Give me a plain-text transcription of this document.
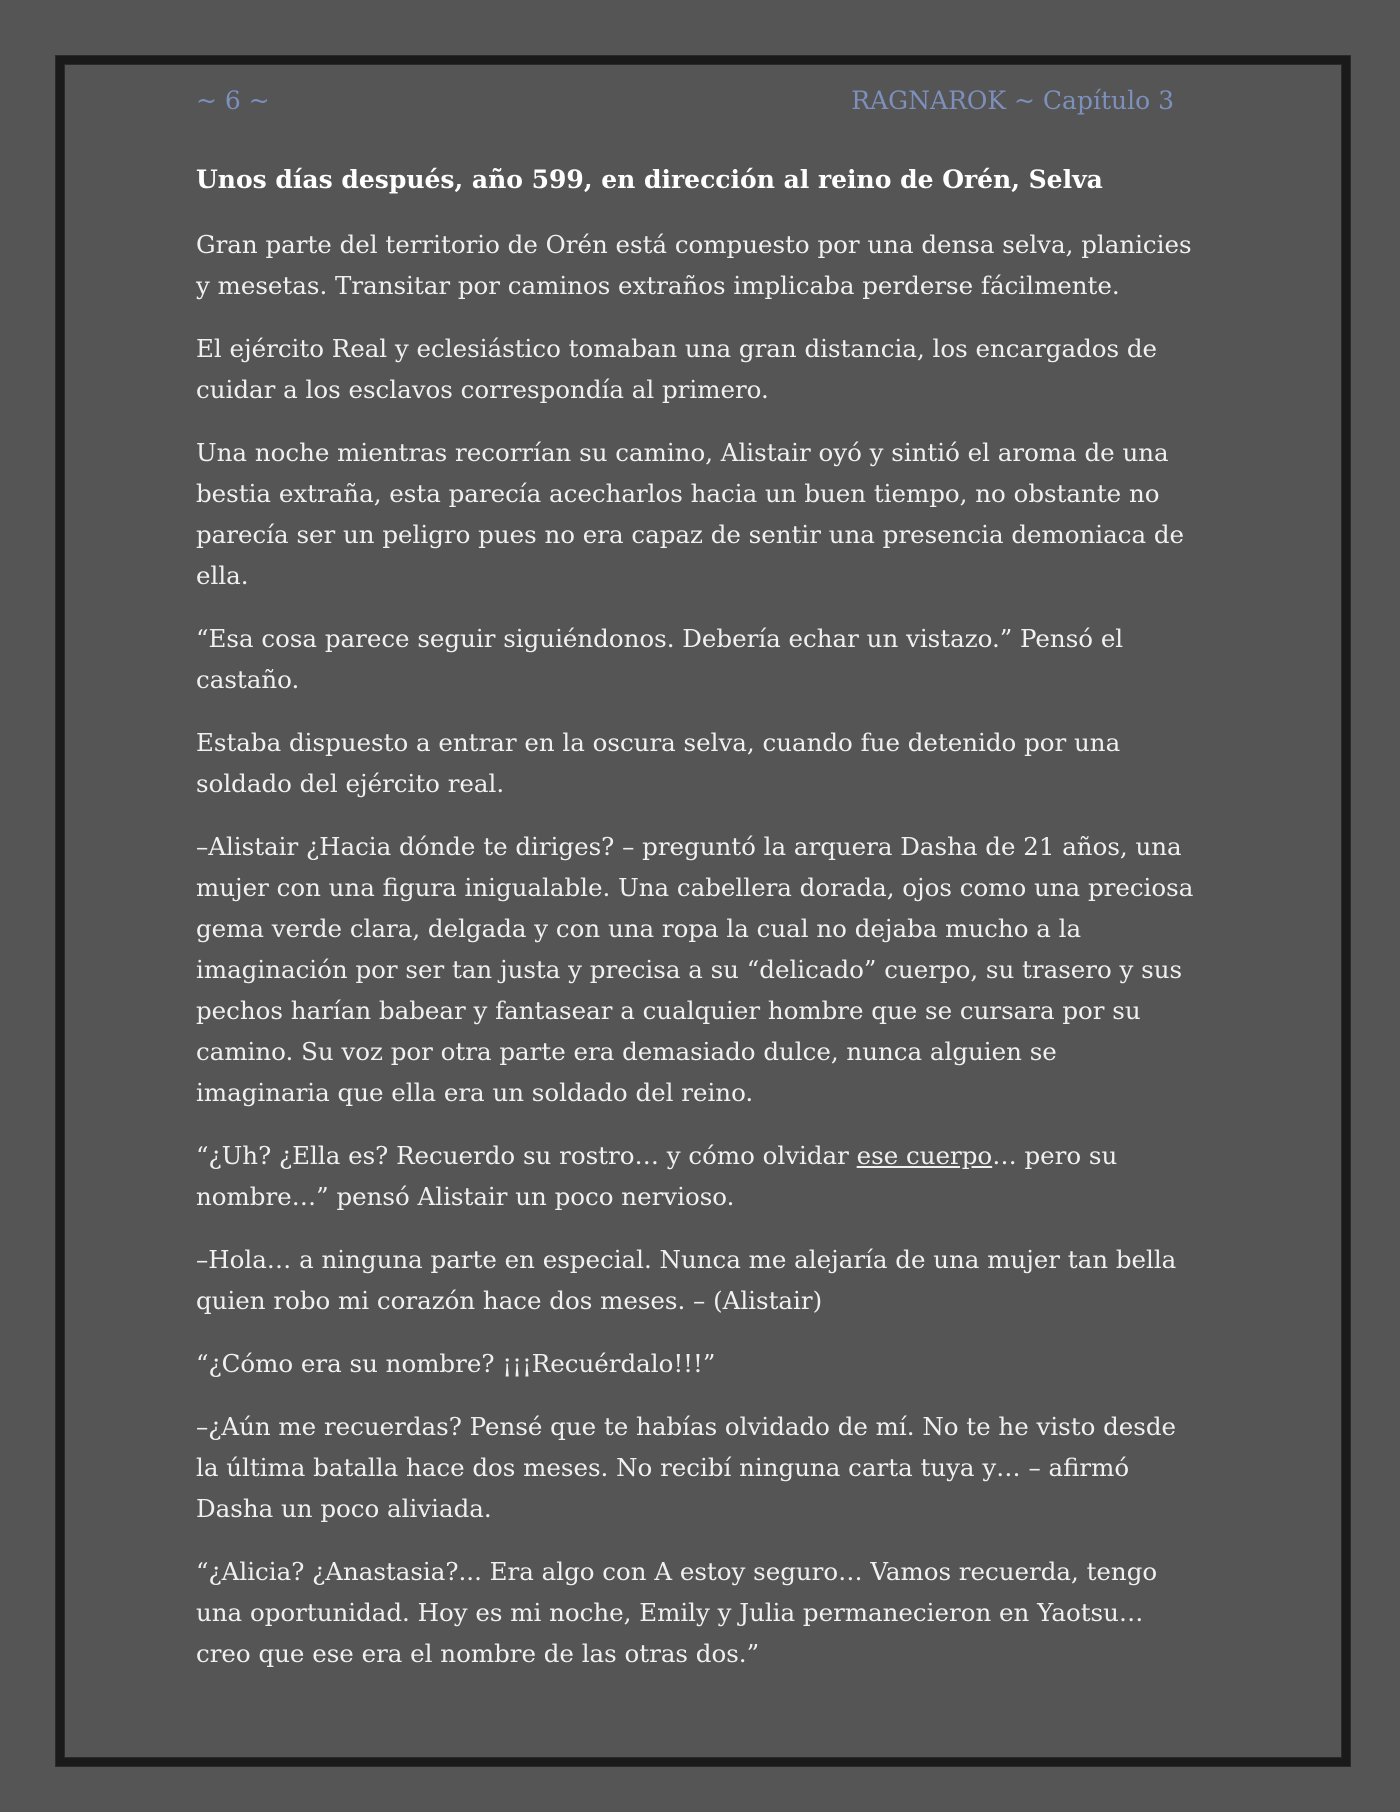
~ 6 ~	RAGNAROK ~ Capítulo 3
Unos días después, año 599, en dirección al reino de Orén, Selva

Gran parte del territorio de Orén está compuesto por una densa selva, planicies y mesetas. Transitar por caminos extraños implicaba perderse fácilmente.

El ejército Real y eclesiástico tomaban una gran distancia, los encargados de cuidar a los esclavos correspondía al primero.

Una noche mientras recorrían su camino, Alistair oyó y sintió el aroma de una bestia extraña, esta parecía acecharlos hacia un buen tiempo, no obstante no parecía ser un peligro pues no era capaz de sentir una presencia demoniaca de ella.

“Esa cosa parece seguir siguiéndonos. Debería echar un vistazo.” Pensó el castaño.

Estaba dispuesto a entrar en la oscura selva, cuando fue detenido por una soldado del ejército real.

–Alistair ¿Hacia dónde te diriges? – preguntó la arquera Dasha de 21 años, una mujer con una figura inigualable. Una cabellera dorada, ojos como una preciosa gema verde clara, delgada y con una ropa la cual no dejaba mucho a la imaginación por ser tan justa y precisa a su “delicado” cuerpo, su trasero y sus pechos harían babear y fantasear a cualquier hombre que se cursara por su camino. Su voz por otra parte era demasiado dulce, nunca alguien se imaginaria que ella era un soldado del reino.

“¿Uh? ¿Ella es? Recuerdo su rostro… y cómo olvidar ese cuerpo… pero su nombre…” pensó Alistair un poco nervioso.

–Hola… a ninguna parte en especial. Nunca me alejaría de una mujer tan bella quien robo mi corazón hace dos meses. – (Alistair)

“¿Cómo era su nombre? ¡¡¡Recuérdalo!!!”

–¿Aún me recuerdas? Pensé que te habías olvidado de mí. No te he visto desde la última batalla hace dos meses. No recibí ninguna carta tuya y… – afirmó Dasha un poco aliviada.

“¿Alicia? ¿Anastasia?... Era algo con A estoy seguro… Vamos recuerda, tengo una oportunidad. Hoy es mi noche, Emily y Julia permanecieron en Yaotsu… creo que ese era el nombre de las otras dos.”
